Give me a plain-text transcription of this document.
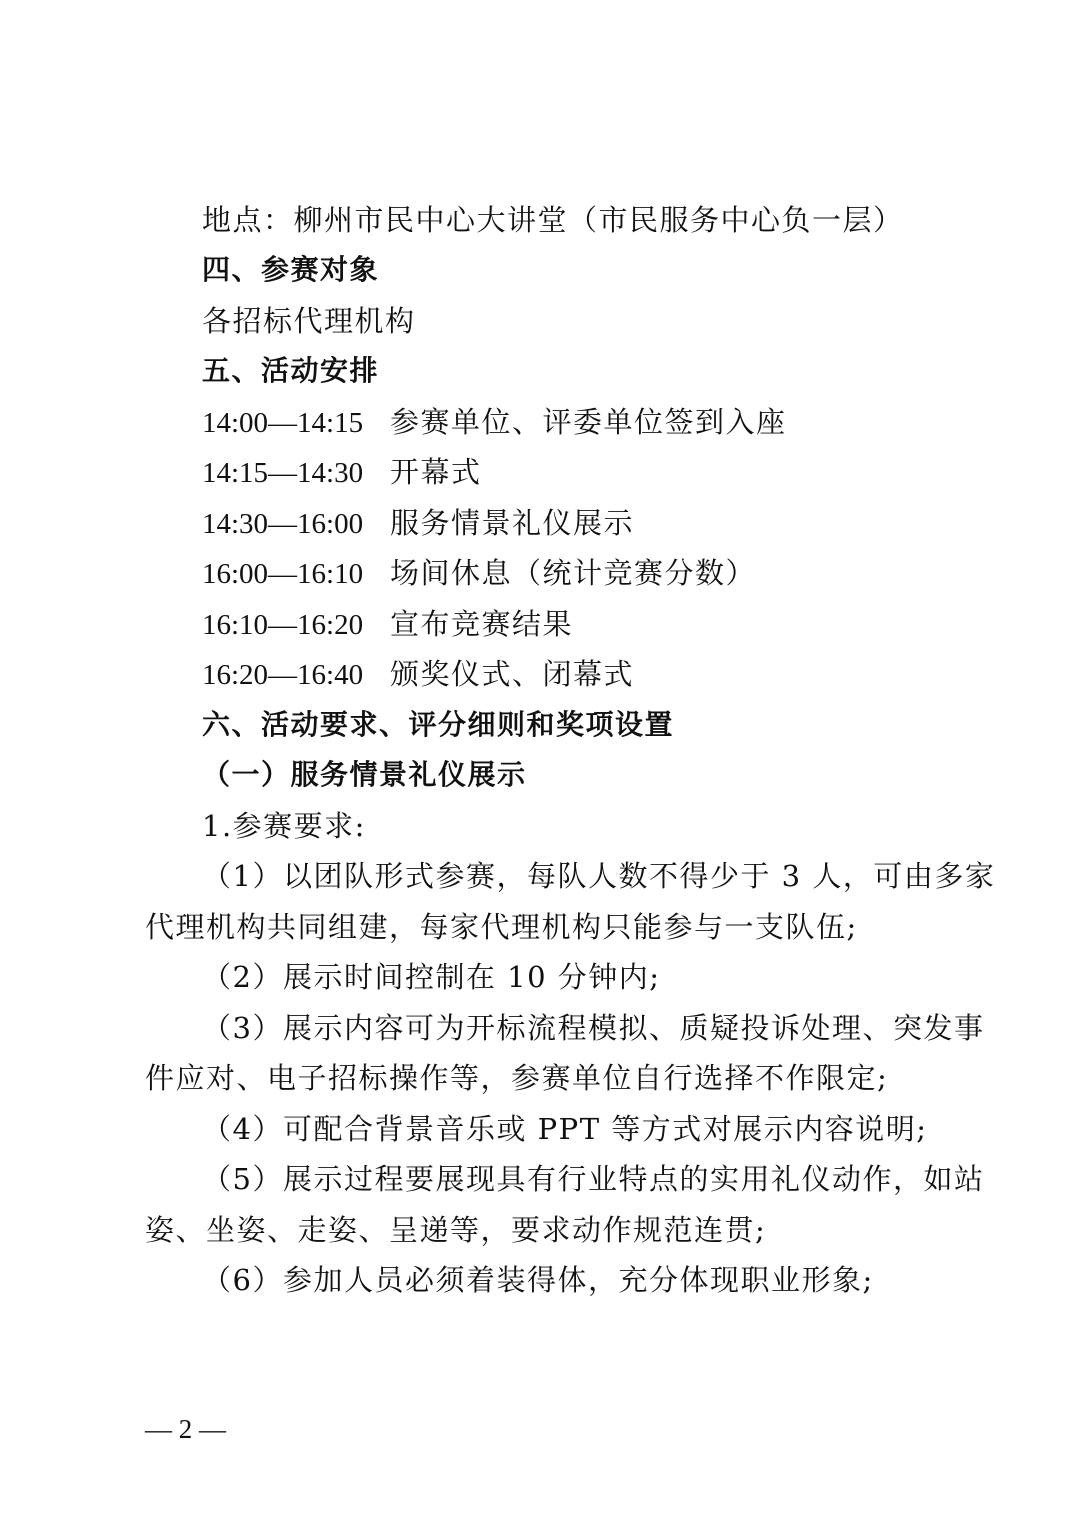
地点：柳州市民中心大讲堂（市民服务中心负一层）
四、参赛对象
各招标代理机构
五、活动安排
14:00—14:15 参赛单位、评委单位签到入座
14:15—14:30 开幕式
14:30—16:00 服务情景礼仪展示
16:00—16:10 场间休息（统计竞赛分数）
16:10—16:20 宣布竞赛结果
16:20—16:40 颁奖仪式、闭幕式
六、活动要求、评分细则和奖项设置
（一）服务情景礼仪展示
1.参赛要求:
（1）以团队形式参赛，每队人数不得少于 3 人，可由多家
代理机构共同组建，每家代理机构只能参与一支队伍;
（2）展示时间控制在 10 分钟内;
（3）展示内容可为开标流程模拟、质疑投诉处理、突发事
件应对、电子招标操作等，参赛单位自行选择不作限定;
（4）可配合背景音乐或 PPT 等方式对展示内容说明;
（5）展示过程要展现具有行业特点的实用礼仪动作，如站
姿、坐姿、走姿、呈递等，要求动作规范连贯;
（6）参加人员必须着装得体，充分体现职业形象;
— 2 —
